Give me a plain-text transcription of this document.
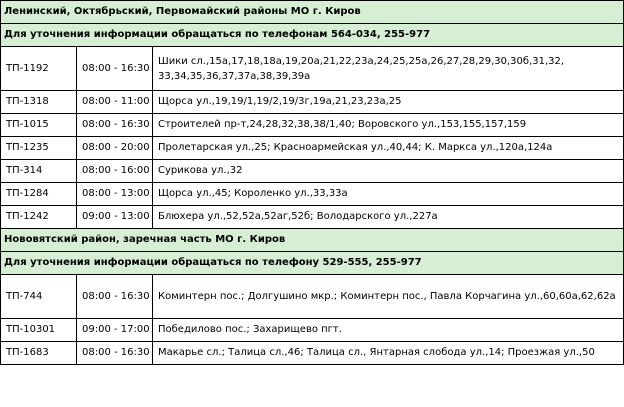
Ленинский, Октябрьский, Первомайский районы МО г. Киров		
Для уточнения информации обращаться по телефонам 564-034, 255-977		
ТП-1192	08:00 - 16:30	Шики сл.,15а,17,18,18а,19,20а,21,22,23а,24,25,25а,26,27,28,29,30,30б,31,32, 33,34,35,36,37,37а,38,39,39а
ТП-1318	08:00 - 11:00	Щорса ул.,19,19/1,19/2,19/3г,19а,21,23,23а,25
ТП-1015	08:00 - 16:30	Строителей пр-т,24,28,32,38,38/1,40; Воровского ул.,153,155,157,159
ТП-1235	08:00 - 20:00	Пролетарская ул.,25; Красноармейская ул.,40,44; К. Маркса ул.,120а,124а
ТП-314	08:00 - 16:00	Сурикова ул.,32
ТП-1284	08:00 - 13:00	Щорса ул.,45; Короленко ул.,33,33а
ТП-1242	09:00 - 13:00	Блюхера ул.,52,52а,52аг,52б; Володарского ул.,227а
Нововятский район, заречная часть МО г. Киров		
Для уточнения информации обращаться по телефону 529-555, 255-977		
ТП-744	08:00 - 16:30	Коминтерн пос.; Долгушино мкр.; Коминтерн пос., Павла Корчагина ул.,60,60а,62,62а
ТП-10301	09:00 - 17:00	Победилово пос.; Захарищево пгт.
ТП-1683	08:00 - 16:30	Макарье сл.; Талица сл.,46; Талица сл., Янтарная слобода ул.,14; Проезжая ул.,50
